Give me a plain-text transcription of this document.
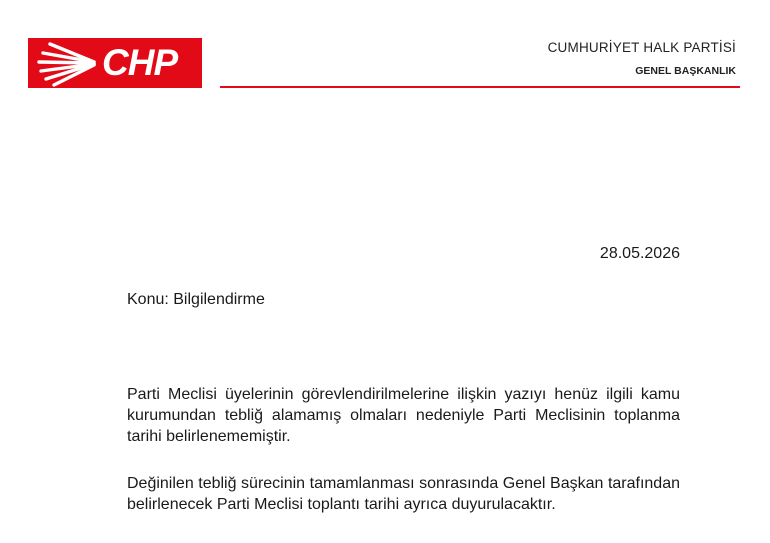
CHP	CUMHURİYET HALK PARTİSİ
GENEL BAŞKANLIK
28.05.2026
Konu: Bilgilendirme

Parti Meclisi üyelerinin görevlendirilmelerine ilişkin yazıyı henüz ilgili kamu kurumundan tebliğ alamamış olmaları nedeniyle Parti Meclisinin toplanma tarihi belirlenememiştir.

Değinilen tebliğ sürecinin tamamlanması sonrasında Genel Başkan tarafından belirlenecek Parti Meclisi toplantı tarihi ayrıca duyurulacaktır.
